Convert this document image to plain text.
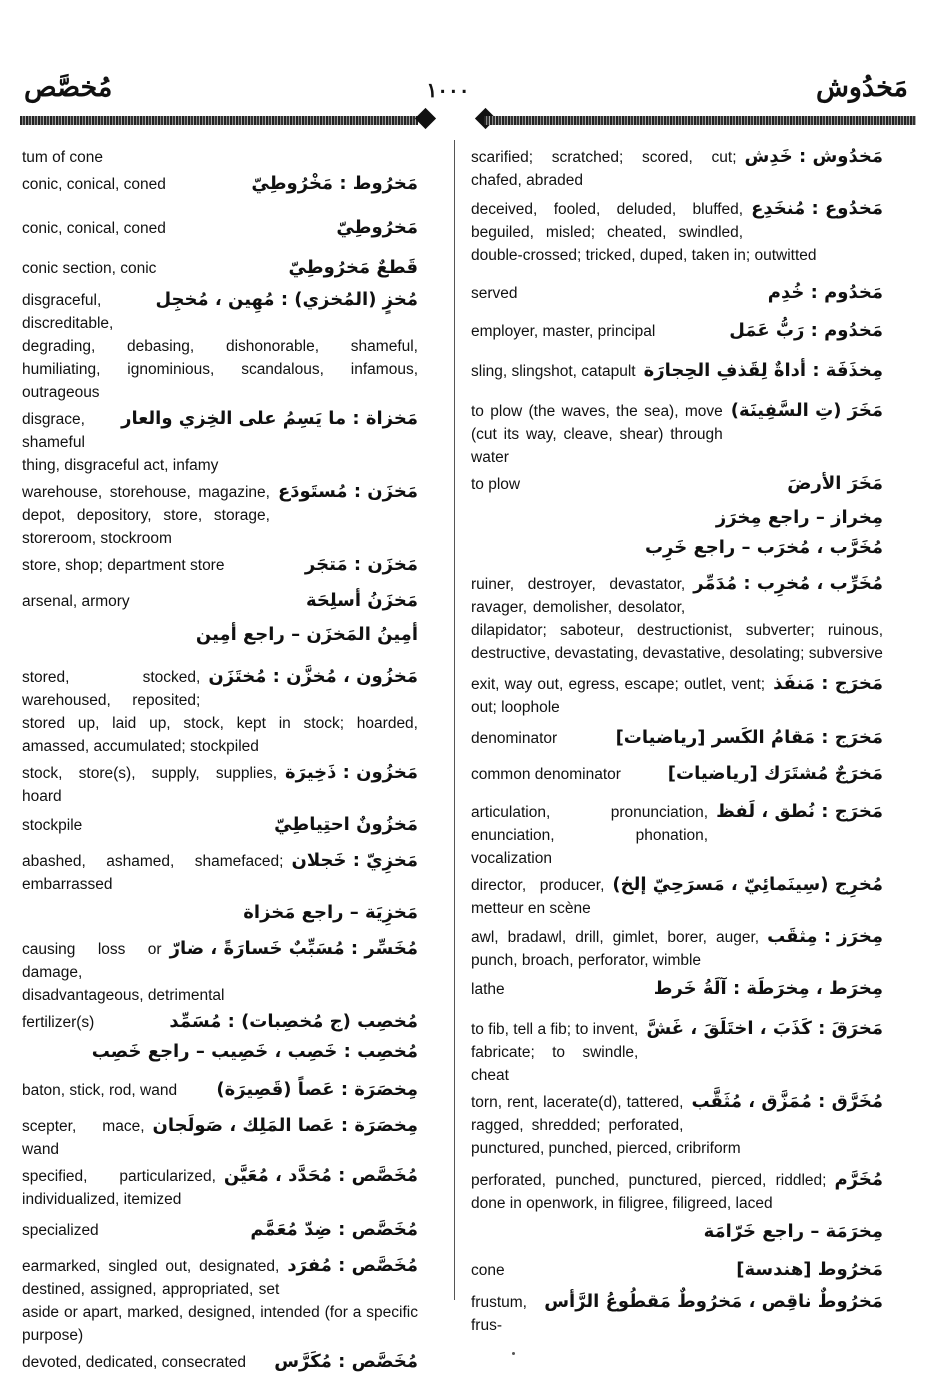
مُخصَّص	١٠٠٠	مَخدُوش
tum of cone
مَخرُوط : مَخْرُوطِيّ
conic, conical, coned
مَخرُوطِيّ
conic, conical, coned
قَطعٌ مَخرُوطِيّ
conic section, conic
مُخزٍ (المُخزي) : مُهِين ، مُخجِل
disgraceful, discreditable, degrading, debasing, dishonorable, shameful, humiliating, ignominious, scandalous, infamous, outrageous
مَخزاة : ما يَسِمُ على الخِزي والعار
disgrace, shameful thing, disgraceful act, infamy
مَخزَن : مُستَودَع
warehouse, storehouse, magazine, depot, depository, store, storage, storeroom, stockroom
مَخزَن : مَتجَر
store, shop; department store
مَخزَنُ أسلِحَة
arsenal, armory
أمِينُ المَخزَن – راجع أمِين
مَخزُون ، مُخزَّن : مُختَزَن
stored, stocked, warehoused, reposited; stored up, laid up, stock, kept in stock; hoarded, amassed, accumulated; stockpiled
مَخزُون : ذَخِيرَة
stock, store(s), supply, supplies, hoard
مَخزُونٌ احتِياطِيّ
stockpile
مَخزِيّ : خَجلان
abashed, ashamed, shamefaced; embarrassed
مَخزِيَة – راجع مَخزاة
مُخَسِّر : مُسَبِّبٌ خَسارَةً ، ضارّ
causing loss or damage, disadvantageous, detrimental
مُخصِب (ج مُخصِبات) : مُسَمِّد
fertilizer(s)
مُخصِب : خَصِب ، خَصِيب – راجع خَصِب
مِخصَرَة : عَصاً (قَصِيرَة)
baton, stick, rod, wand
مِخصَرَة : عَصا المَلِك ، صَولَجان
scepter, mace, wand
مُخَصَّص : مُحَدَّد ، مُعَيَّن
specified, particularized, individualized, itemized
مُخَصَّص : ضِدّ مُعَمَّم
specialized
مُخَصَّص : مُفرَد
earmarked, singled out, designated, destined, assigned, appropriated, set aside or apart, marked, designed, intended (for a specific purpose)
مُخَصَّص : مُكَرَّس
devoted, dedicated, consecrated
مَخدُوش : خَدِش
scarified; scratched; scored, cut; chafed, abraded
مَخدُوع : مُنخَدِع
deceived, fooled, deluded, bluffed, beguiled, misled; cheated, swindled, double-crossed; tricked, duped, taken in; outwitted
مَخدُوم : خُدِم
served
مَخدُوم : رَبُّ عَمَل
employer, master, principal
مِخذَفَة : أداةٌ لِقَذفِ الحِجارَة
sling, slingshot, catapult
مَخَرَ (تِ السَّفِينَة)
to plow (the waves, the sea), move (cut its way, cleave, shear) through water
مَخَرَ الأرضَ
to plow
مِخراز – راجع مِخرَز
مُخَرَّب ، مُخرَب – راجع خَرِب
مُخَرِّب ، مُخرِب : مُدَمِّر
ruiner, destroyer, devastator, ravager, demolisher, desolator, dilapidator; saboteur, destructionist, subverter; ruinous, destructive, devastating, devastative, desolating; subversive
مَخرَج : مَنفَذ
exit, way out, egress, escape; outlet, vent; out; loophole
مَخرَج : مَقامُ الكَسر [رياضيات]
denominator
مَخرَجٌ مُشتَرَك [رياضيات]
common denominator
مَخرَج : نُطق ، لَفظ
articulation, pronunciation, enunciation, phonation, vocalization
مُخرِج (سِينَمائِيّ ، مَسرَحِيّ إلخ)
director, producer, metteur en scène
مِخرَز : مِثقَب
awl, bradawl, drill, gimlet, borer, auger, punch, broach, perforator, wimble
مِخرَط ، مِخرَطَة : آلَةُ خَرط
lathe
مَخرَقَ : كَذَبَ ، اختَلَقَ ، غَشَّ
to fib, tell a fib; to invent, fabricate; to swindle, cheat
مُخَرَّق : مُمَزَّق ، مُثَقَّب
torn, rent, lacerate(d), tattered, ragged, shredded; perforated, punctured, punched, pierced, cribriform
مُخَرَّم
perforated, punched, punctured, pierced, riddled; done in openwork, in filigree, filigreed, laced
مِخرَمَة – راجع خَرّامَة
مَخرُوط [هندسة]
cone
مَخرُوطٌ ناقِص ، مَخرُوطٌ مَقطُوعُ الرَّأس
frustum, frus-
